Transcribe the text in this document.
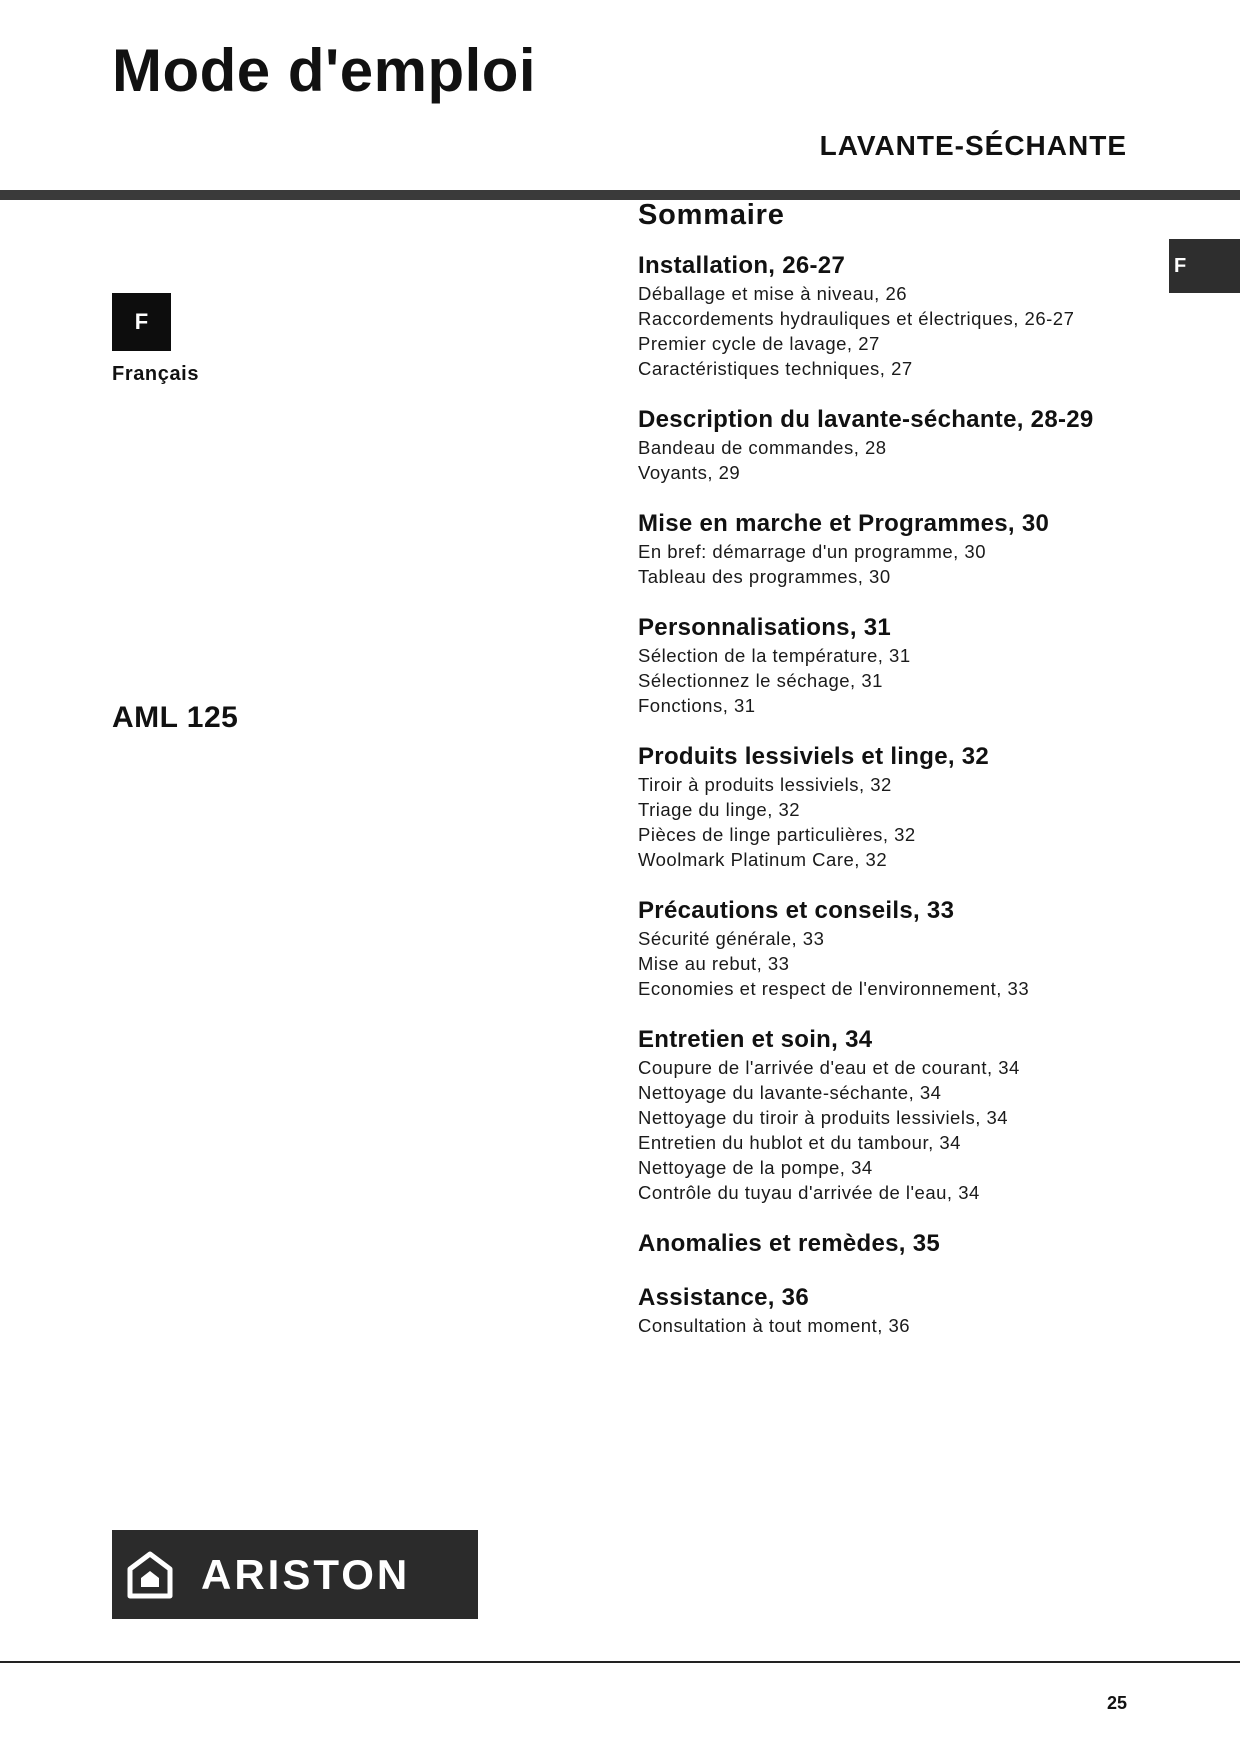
Mode d'emploi
LAVANTE-SÉCHANTE
F
Français
AML 125
F
Sommaire
Installation, 26-27
Déballage et mise à niveau, 26
Raccordements hydrauliques et électriques, 26-27
Premier cycle de lavage, 27
Caractéristiques techniques, 27
Description du lavante-séchante, 28-29
Bandeau de commandes, 28
Voyants, 29
Mise en marche et Programmes, 30
En bref: démarrage d'un programme, 30
Tableau des programmes, 30
Personnalisations, 31
Sélection de la température, 31
Sélectionnez le séchage, 31
Fonctions, 31
Produits lessiviels et linge, 32
Tiroir à produits lessiviels, 32
Triage du linge, 32
Pièces de linge particulières, 32
Woolmark Platinum Care, 32
Précautions et conseils, 33
Sécurité générale, 33
Mise au rebut, 33
Economies et respect de l'environnement, 33
Entretien et soin, 34
Coupure de l'arrivée d'eau et de courant, 34
Nettoyage du lavante-séchante, 34
Nettoyage du tiroir à produits lessiviels, 34
Entretien du hublot et du tambour, 34
Nettoyage de la pompe, 34
Contrôle du tuyau d'arrivée de l'eau, 34
Anomalies et remèdes, 35
Assistance, 36
Consultation à tout moment, 36
ARISTON
25
